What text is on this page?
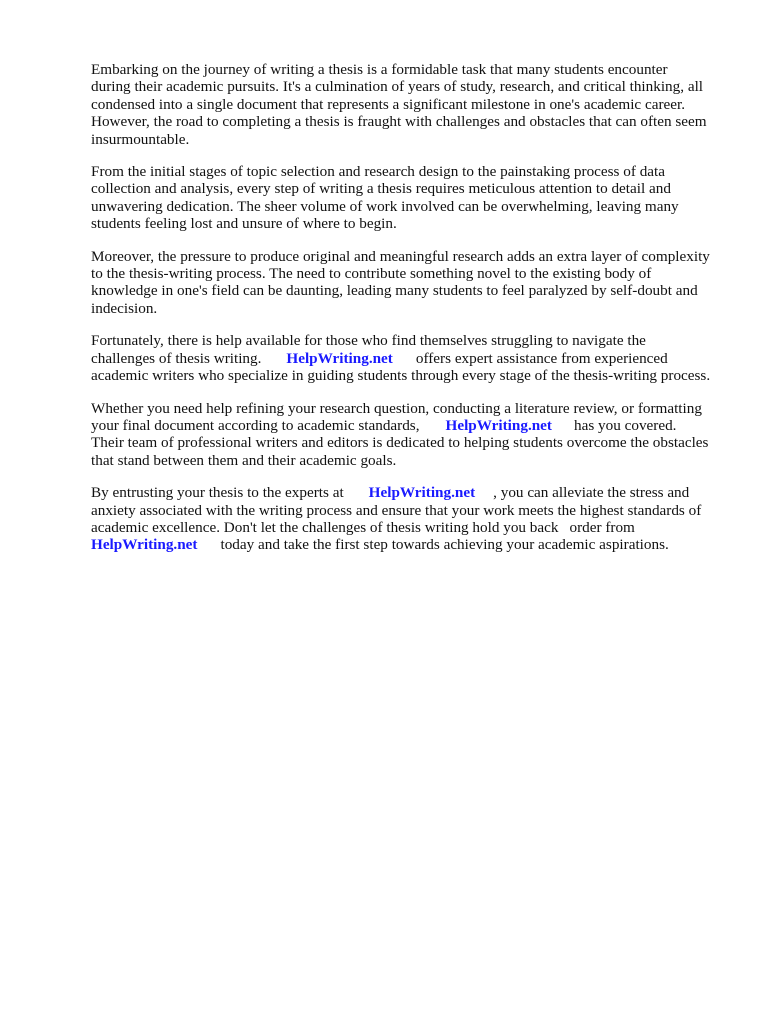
Embarking on the journey of writing a thesis is a formidable task that many students encounter
during their academic pursuits. It's a culmination of years of study, research, and critical thinking, all
condensed into a single document that represents a significant milestone in one's academic career.
However, the road to completing a thesis is fraught with challenges and obstacles that can often seem
insurmountable.

From the initial stages of topic selection and research design to the painstaking process of data
collection and analysis, every step of writing a thesis requires meticulous attention to detail and
unwavering dedication. The sheer volume of work involved can be overwhelming, leaving many
students feeling lost and unsure of where to begin.

Moreover, the pressure to produce original and meaningful research adds an extra layer of complexity
to the thesis-writing process. The need to contribute something novel to the existing body of
knowledge in one's field can be daunting, leading many students to feel paralyzed by self-doubt and
indecision.

Fortunately, there is help available for those who find themselves struggling to navigate the
challenges of thesis writing. HelpWriting.net offers expert assistance from experienced
academic writers who specialize in guiding students through every stage of the thesis-writing process.

Whether you need help refining your research question, conducting a literature review, or formatting
your final document according to academic standards, HelpWriting.net has you covered.
Their team of professional writers and editors is dedicated to helping students overcome the obstacles
that stand between them and their academic goals.

By entrusting your thesis to the experts at HelpWriting.net , you can alleviate the stress and
anxiety associated with the writing process and ensure that your work meets the highest standards of
academic excellence. Don't let the challenges of thesis writing hold you back order from
HelpWriting.net today and take the first step towards achieving your academic aspirations.
